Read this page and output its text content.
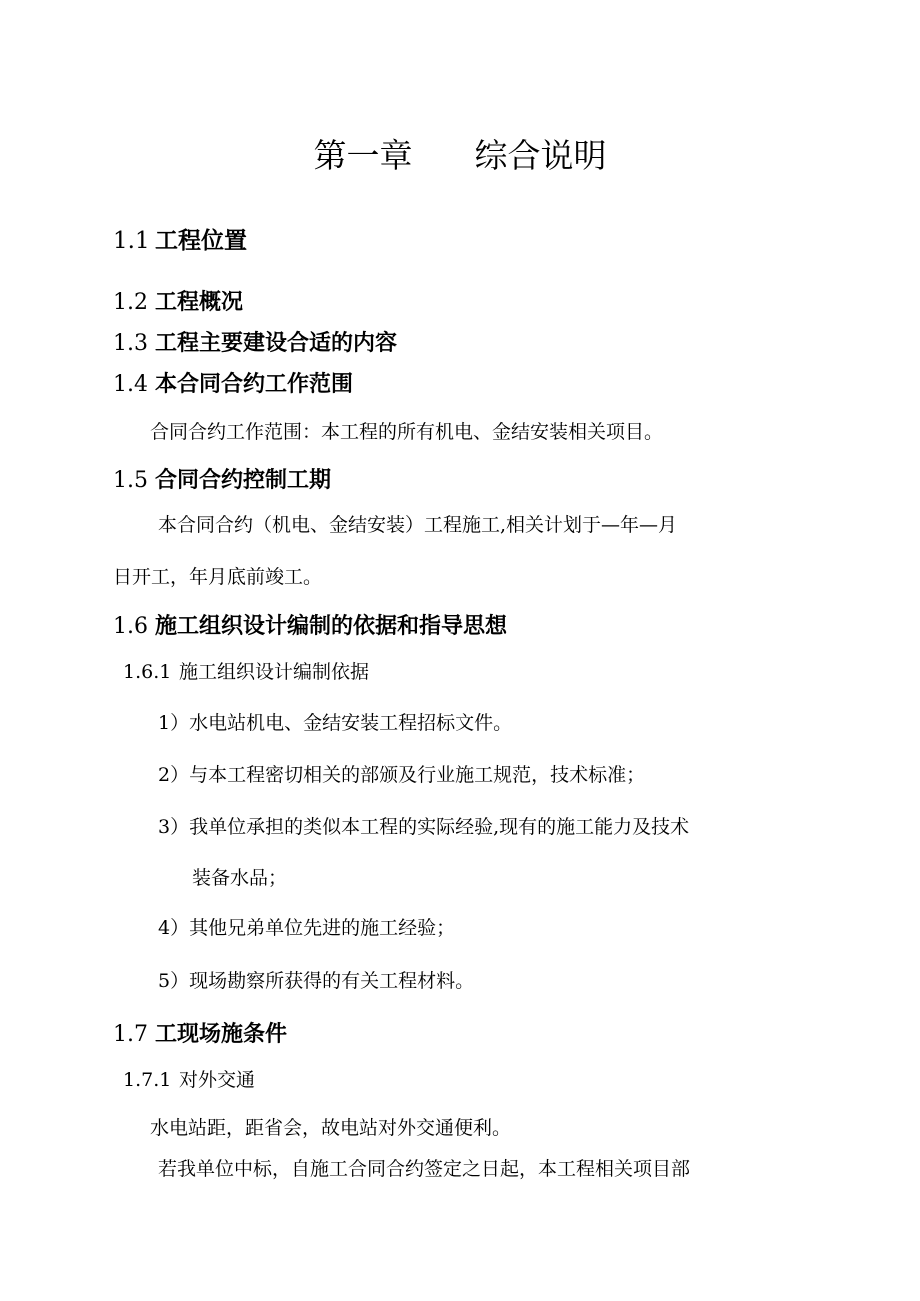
第一章 综合说明
1.1 工程位置
1.2 工程概况
1.3 工程主要建设合适的内容
1.4 本合同合约工作范围
合同合约工作范围：本工程的所有机电、金结安装相关项目。
1.5 合同合约控制工期
本合同合约（机电、金结安装）工程施工,相关计划于—年—月
日开工，年月底前竣工。
1.6 施工组织设计编制的依据和指导思想
1.6.1 施工组织设计编制依据
1）水电站机电、金结安装工程招标文件。
2）与本工程密切相关的部颁及行业施工规范，技术标准；
3）我单位承担的类似本工程的实际经验,现有的施工能力及技术
装备水品；
4）其他兄弟单位先进的施工经验；
5）现场勘察所获得的有关工程材料。
1.7 工现场施条件
1.7.1 对外交通
水电站距，距省会，故电站对外交通便利。
若我单位中标，自施工合同合约签定之日起，本工程相关项目部
